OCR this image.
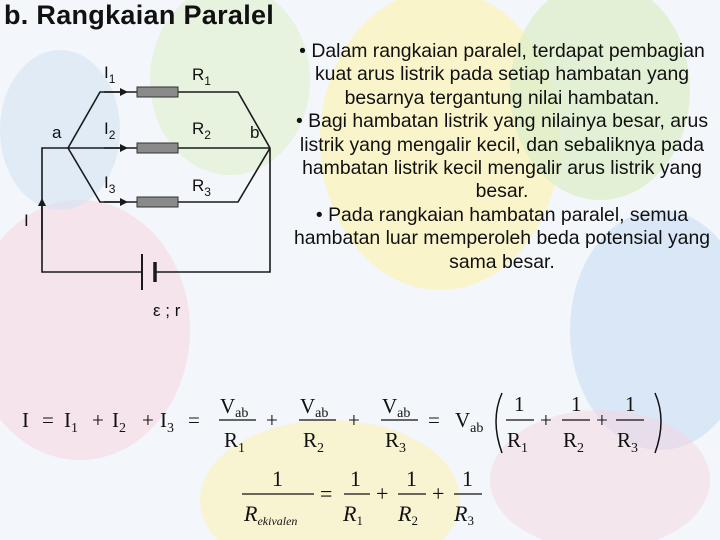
b. Rangkaian Paralel
$I_1$
$I_2$
$I_3$
$R_1$
$R_2$
$R_3$
a	b
I
ε ; r
• Dalam rangkaian paralel, terdapat pembagian kuat arus listrik pada setiap hambatan yang besarnya tergantung nilai hambatan.
• Bagi hambatan listrik yang nilainya besar, arus listrik yang mengalir kecil, dan sebaliknya pada hambatan listrik kecil mengalir arus listrik yang besar.
• Pada rangkaian hambatan paralel, semua hambatan luar memperoleh beda potensial yang sama besar.
$I = I_1 + I_2 + I_3$ =
Vab
$R_1$
+
Vab
$R_2$
+
Vab
$R_3$
= $V_{ab}$
1
$R_1$
+
1
$R_2$
+
1
$R_3$
1
Rekivalen
=
1
R1
+
1
R2
+
1
R3
